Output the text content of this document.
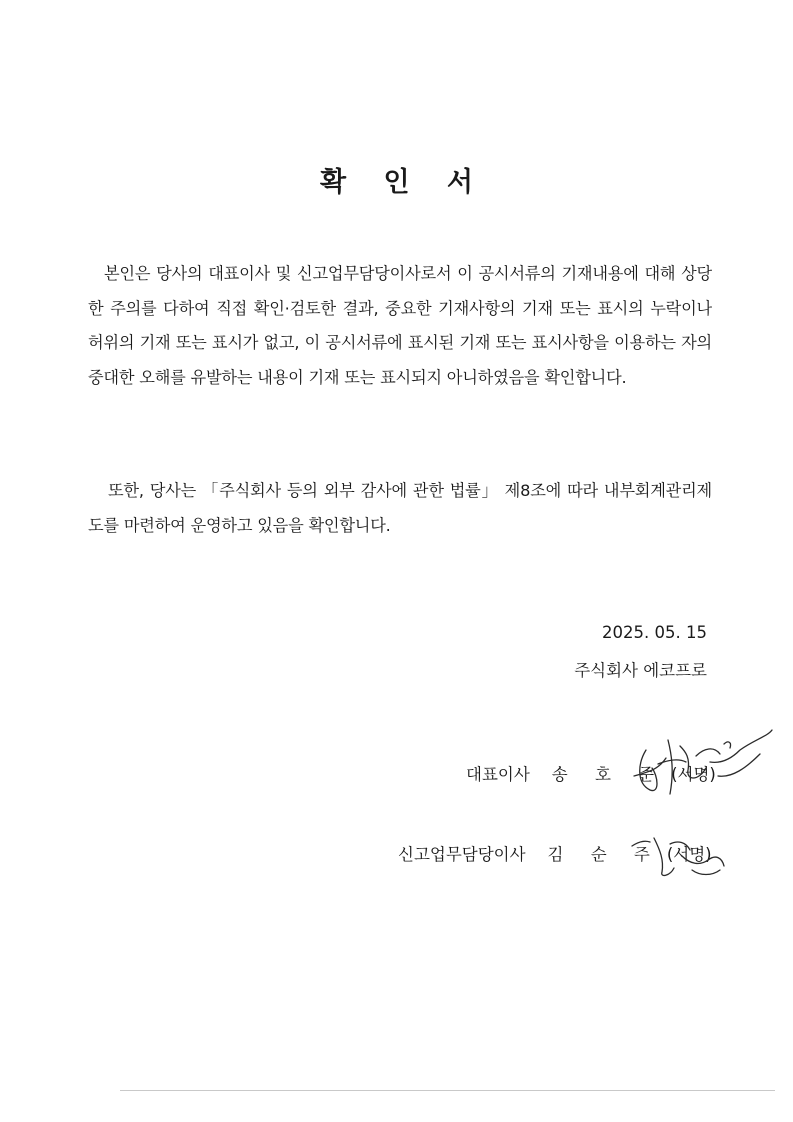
확 인 서

본인은 당사의 대표이사 및 신고업무담당이사로서 이 공시서류의 기재내용에 대해 상당한 주의를 다하여 직접 확인·검토한 결과, 중요한 기재사항의 기재 또는 표시의 누락이나 허위의 기재 또는 표시가 없고, 이 공시서류에 표시된 기재 또는 표시사항을 이용하는 자의 중대한 오해를 유발하는 내용이 기재 또는 표시되지 아니하였음을 확인합니다.

또한, 당사는 「주식회사 등의 외부 감사에 관한 법률」 제8조에 따라 내부회계관리제도를 마련하여 운영하고 있음을 확인합니다.

2025. 05. 15
주식회사 에코프로
대표이사 송 호 준 (서명)
신고업무담당이사 김 순 주 (서명)
